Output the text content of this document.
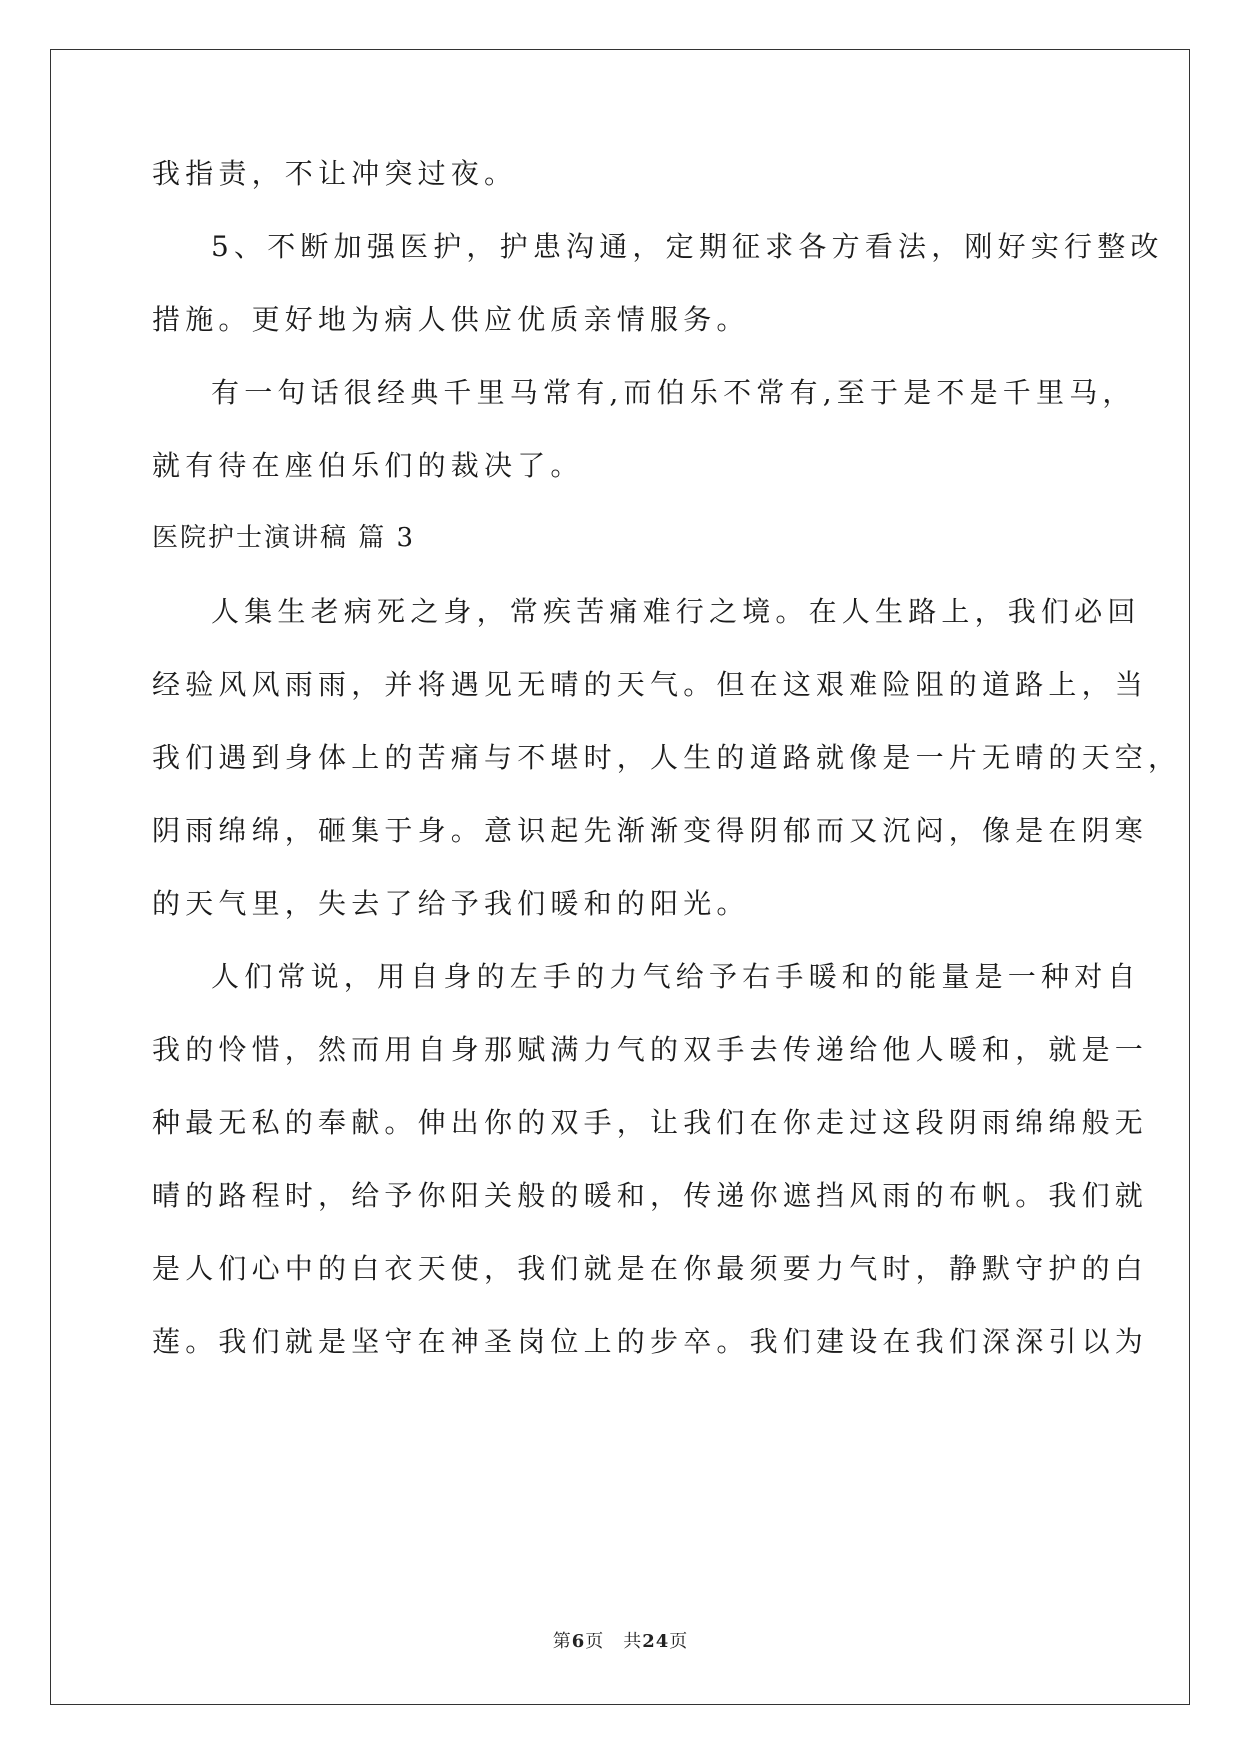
我指责，不让冲突过夜。
5、不断加强医护，护患沟通，定期征求各方看法，刚好实行整改
措施。更好地为病人供应优质亲情服务。
有一句话很经典千里马常有,而伯乐不常有,至于是不是千里马，
就有待在座伯乐们的裁决了。
医院护士演讲稿 篇 3
人集生老病死之身，常疾苦痛难行之境。在人生路上，我们必回
经验风风雨雨，并将遇见无晴的天气。但在这艰难险阻的道路上，当
我们遇到身体上的苦痛与不堪时，人生的道路就像是一片无晴的天空，
阴雨绵绵，砸集于身。意识起先渐渐变得阴郁而又沉闷，像是在阴寒
的天气里，失去了给予我们暖和的阳光。
人们常说，用自身的左手的力气给予右手暖和的能量是一种对自
我的怜惜，然而用自身那赋满力气的双手去传递给他人暖和，就是一
种最无私的奉献。伸出你的双手，让我们在你走过这段阴雨绵绵般无
晴的路程时，给予你阳关般的暖和，传递你遮挡风雨的布帆。我们就
是人们心中的白衣天使，我们就是在你最须要力气时，静默守护的白
莲。我们就是坚守在神圣岗位上的步卒。我们建设在我们深深引以为
第6页　共24页
